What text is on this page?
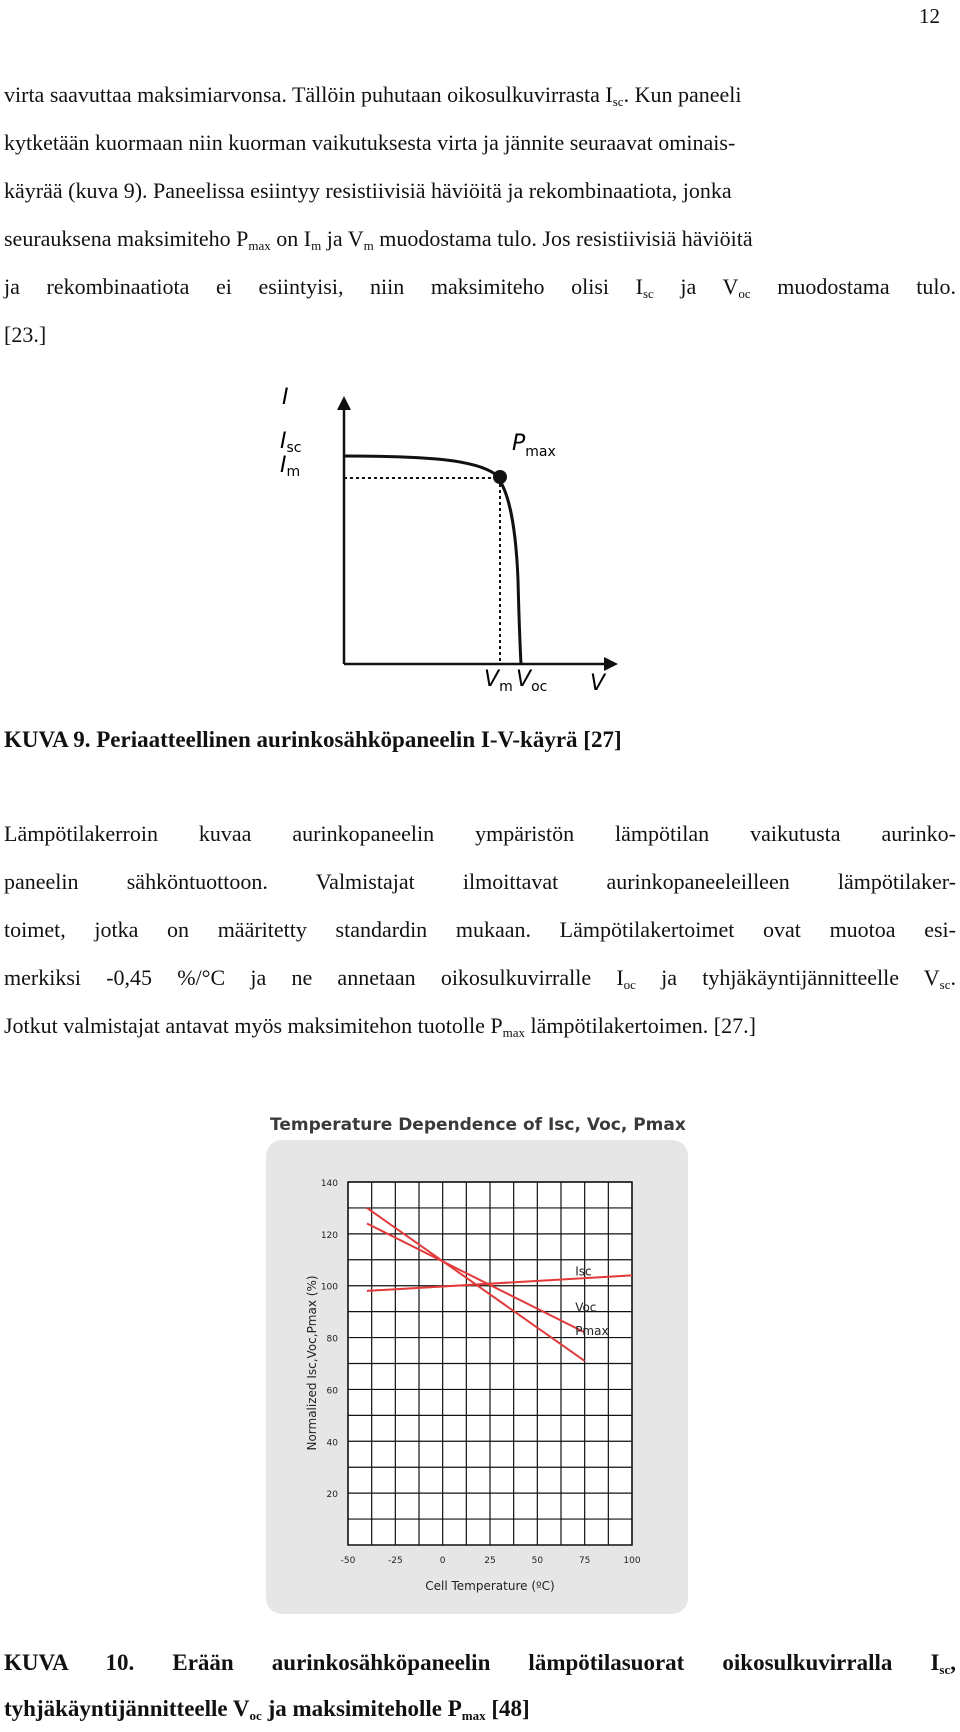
12

virta saavuttaa maksimiarvonsa. Tällöin puhutaan oikosulkuvirrasta $I_{sc}$. Kun paneeli

kytketään kuormaan niin kuorman vaikutuksesta virta ja jännite seuraavat ominais-

käyrää (kuva 9). Paneelissa esiintyy resistiivisiä häviöitä ja rekombinaatiota, jonka

seurauksena maksimiteho $P_{max}$ on $I_m$ ja $V_m$ muodostama tulo. Jos resistiivisiä häviöitä

ja rekombinaatiota ei esiintyisi, niin maksimiteho olisi $I_{sc}$ ja $V_{oc}$ muodostama tulo.

[23.]

I
Isc
Im
$P_{max}$
V
$V_m$ $V_{oc}$

KUVA 9. Periaatteellinen aurinkosähköpaneelin I-V-käyrä [27]

Lämpötilakerroin kuvaa aurinkopaneelin ympäristön lämpötilan vaikutusta aurinko-

paneelin sähköntuottoon. Valmistajat ilmoittavat aurinkopaneeleilleen lämpötilaker-

toimet, jotka on määritetty standardin mukaan. Lämpötilakertoimet ovat muotoa esi-

merkiksi -0,45 %/°C ja ne annetaan oikosulkuvirralle $I_{oc}$ ja tyhjäkäyntijännitteelle $V_{sc}$.

Jotkut valmistajat antavat myös maksimitehon tuotolle $P_{max}$ lämpötilakertoimen. [27.]

Temperature Dependence of Isc, Voc, Pmax
Isc
Voc
Pmax
-50	-25	0	25	50	75	100
20
40
60
80
100
120
140
Cell Temperature (ºC)
Normalized Isc,Voc,Pmax (%)

KUVA 10. Erään aurinkosähköpaneelin lämpötilasuorat oikosulkuvirralla $I_{sc}$,

tyhjäkäyntijännitteelle $V_{oc}$ ja maksimiteholle $P_{max}$ [48]
